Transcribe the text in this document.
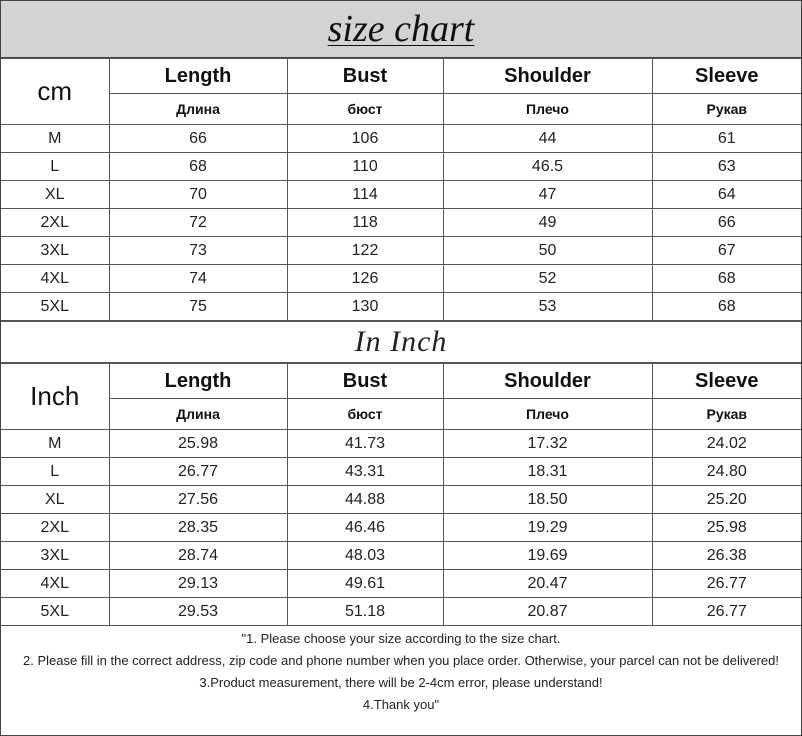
size chart
cm	Length	Bust	Shoulder	Sleeve
	Длина	бюст	Плечо	Рукав
M	66	106	44	61
L	68	110	46.5	63
XL	70	114	47	64
2XL	72	118	49	66
3XL	73	122	50	67
4XL	74	126	52	68
5XL	75	130	53	68
In Inch
Inch	Length	Bust	Shoulder	Sleeve
	Длина	бюст	Плечо	Рукав
M	25.98	41.73	17.32	24.02
L	26.77	43.31	18.31	24.80
XL	27.56	44.88	18.50	25.20
2XL	28.35	46.46	19.29	25.98
3XL	28.74	48.03	19.69	26.38
4XL	29.13	49.61	20.47	26.77
5XL	29.53	51.18	20.87	26.77

"1. Please choose your size according to the size chart.

2. Please fill in the correct address, zip code and phone number when you place order. Otherwise, your parcel can not be delivered!

3.Product measurement, there will be 2-4cm error, please understand!

4.Thank you"
